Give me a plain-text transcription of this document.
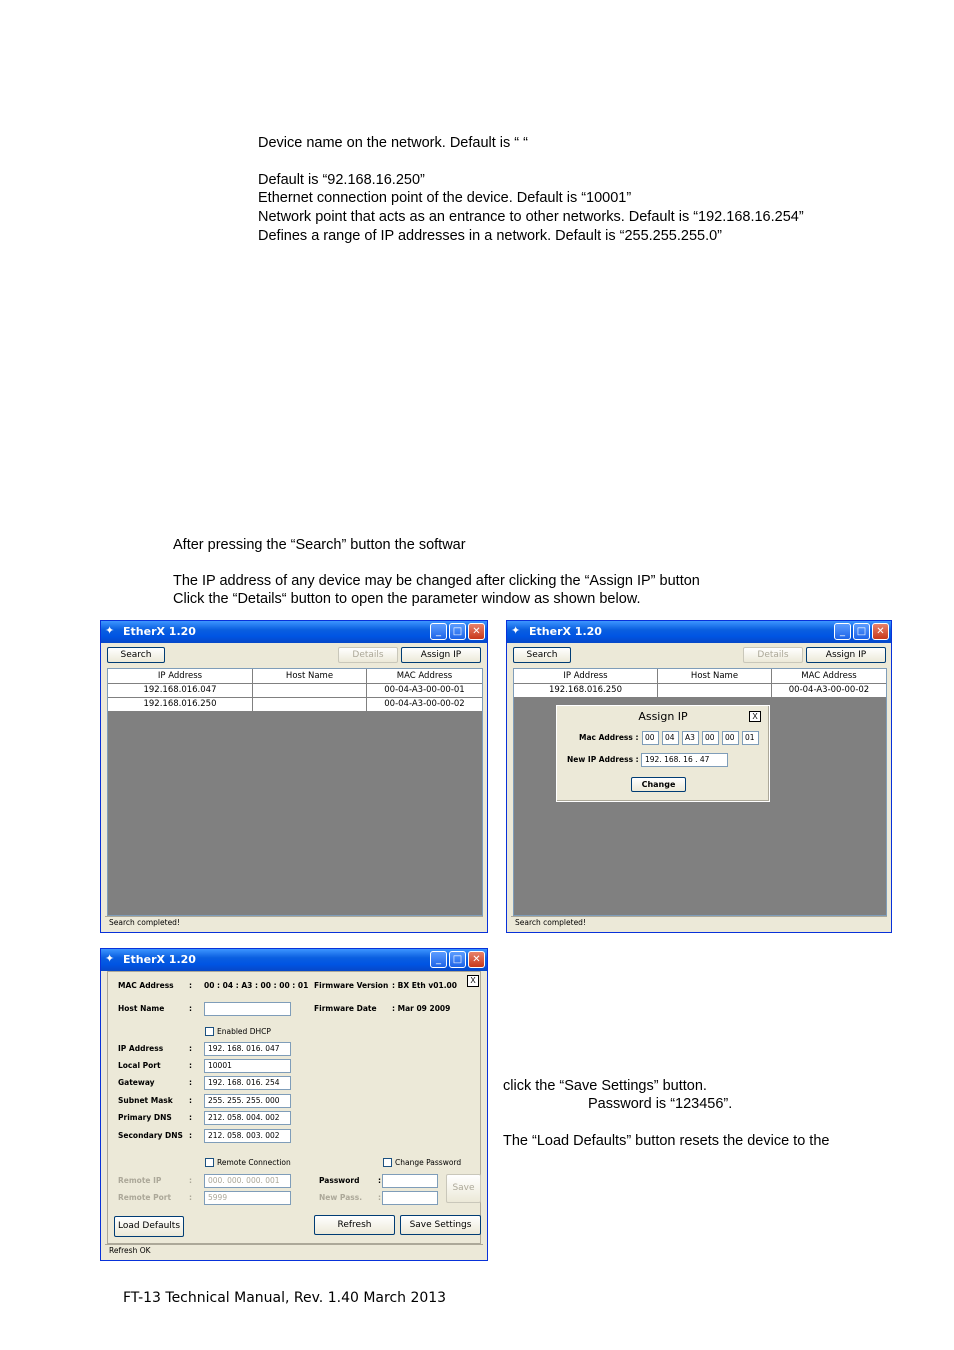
Device name on the network. Default is “ “
Default is “92.168.16.250”
Ethernet connection point of the device. Default is “10001”
Network point that acts as an entrance to other networks. Default is “192.168.16.254”
Defines a range of IP addresses in a network. Default is “255.255.255.0”
After pressing the “Search” button the softwar
The IP address of any device may be changed after clicking the “Assign IP” button
Click the “Details“ button to open the parameter window as shown below.
click the “Save Settings” button.
Password is “123456”.
The “Load Defaults” button resets the device to the
FT-13 Technical Manual, Rev. 1.40 March 2013
✦ EtherX 1.20	_	□	✕
Search	Details	Assign IP
IP Address	Host Name	MAC Address
192.168.016.047	00-04-A3-00-00-01
192.168.016.250	00-04-A3-00-00-02
Search completed!
✦ EtherX 1.20	_	□	✕
Search	Details	Assign IP
IP Address	Host Name	MAC Address
192.168.016.250	00-04-A3-00-00-02
Assign IP	X
Mac Address : 00	04	A3	00	00	01
New IP Address : 192. 168. 16 . 47
Change
Search completed!
✦ EtherX 1.20	_	□	✕
X
MAC Address : 00 : 04 : A3 : 00 : 00 : 01 Firmware Version : BX Eth v01.00
Host Name	:	Firmware Date : Mar 09 2009
Enabled DHCP
IP Address	:	192. 168. 016. 047
Local Port	:	10001
Gateway	:	192. 168. 016. 254
Subnet Mask :	255. 255. 255. 000
Primary DNS :	212. 058. 004. 002
Secondary DNS :	212. 058. 003. 002
Remote Connection	Change Password
Remote IP	:	000. 000. 000. 001	Password :
Remote Port :	5999	New Pass. :
Save
Load Defaults	Refresh	Save Settings
Refresh OK
